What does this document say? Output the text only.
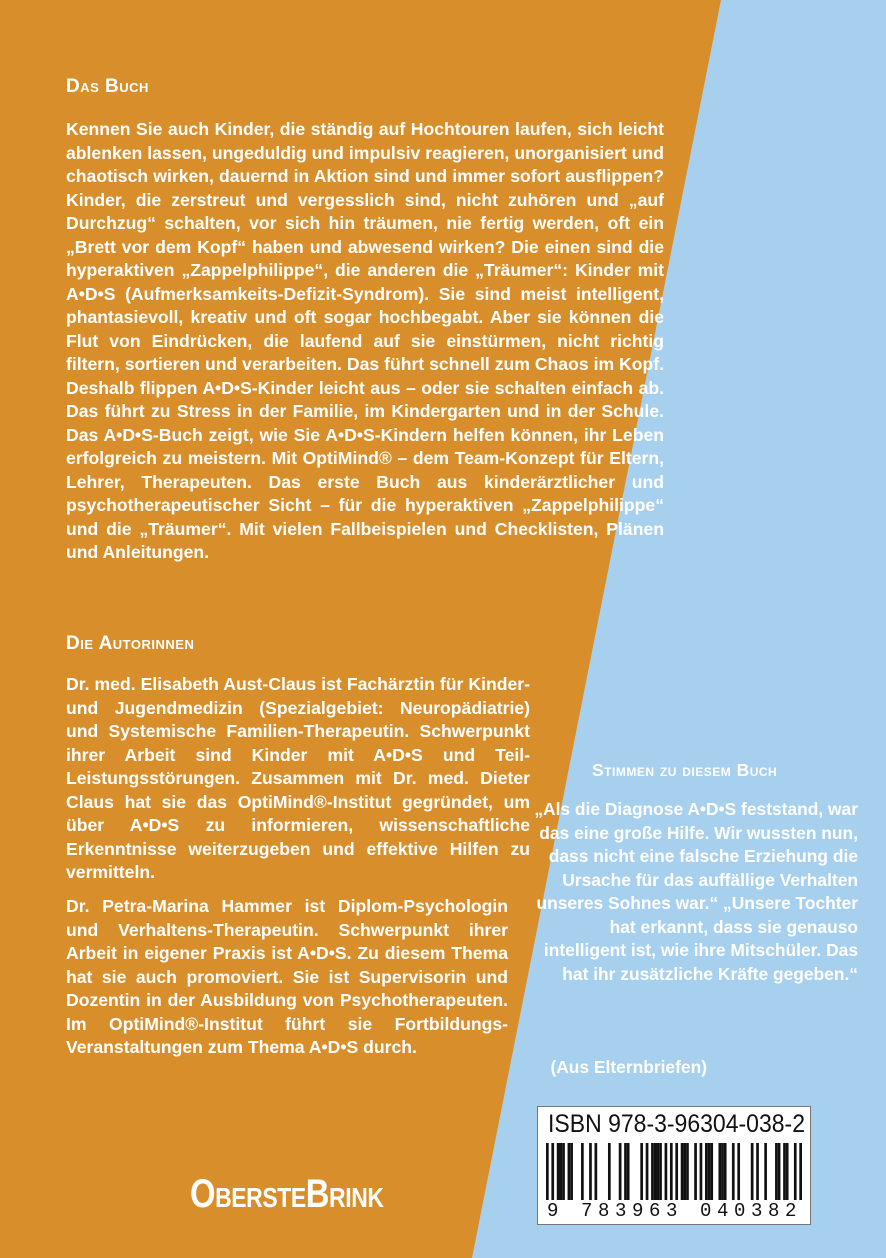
Das Buch

Kennen Sie auch Kinder, die ständig auf Hochtouren laufen, sich leicht ablenken lassen, ungeduldig und impulsiv reagieren, unorganisiert und chaotisch wirken, dauernd in Aktion sind und immer sofort ausflippen? Kinder, die zerstreut und vergesslich sind, nicht zuhören und „auf Durchzug“ schalten, vor sich hin träumen, nie fertig werden, oft ein „Brett vor dem Kopf“ haben und abwesend wirken? Die einen sind die hyperaktiven „Zappelphilippe“, die anderen die „Träumer“: Kinder mit A•D•S (Aufmerksamkeits-Defizit-Syndrom). Sie sind meist intelligent, phantasievoll, kreativ und oft sogar hochbegabt. Aber sie können die Flut von Eindrücken, die laufend auf sie einstürmen, nicht richtig filtern, sortieren und verarbeiten. Das führt schnell zum Chaos im Kopf. Deshalb flippen A•D•S-Kinder leicht aus – oder sie schalten einfach ab. Das führt zu Stress in der Familie, im Kindergarten und in der Schule. Das A•D•S-Buch zeigt, wie Sie A•D•S-Kindern helfen können, ihr Leben erfolgreich zu meistern. Mit OptiMind® – dem Team-Konzept für Eltern, Lehrer, Therapeuten. Das erste Buch aus kinderärztlicher und psychotherapeutischer Sicht – für die hyperaktiven „Zappelphilippe“ und die „Träumer“. Mit vielen Fallbeispielen und Checklisten, Plänen und Anleitungen.

Die Autorinnen

Dr. med. Elisabeth Aust-Claus ist Fachärztin für Kinder- und Jugendmedizin (Spezialgebiet: Neuropädiatrie) und Systemische Familien-Therapeutin. Schwerpunkt ihrer Arbeit sind Kinder mit A•D•S und Teil-Leistungsstörungen. Zusammen mit Dr. med. Dieter Claus hat sie das OptiMind®-Institut gegründet, um über A•D•S zu informieren, wissenschaftliche Erkenntnisse weiterzugeben und effektive Hilfen zu vermitteln.

Dr. Petra-Marina Hammer ist Diplom-Psychologin und Verhaltens-Therapeutin. Schwerpunkt ihrer Arbeit in eigener Praxis ist A•D•S. Zu diesem Thema hat sie auch promoviert. Sie ist Supervisorin und Dozentin in der Ausbildung von Psychotherapeuten. Im OptiMind®-Institut führt sie Fortbildungs-Veranstaltungen zum Thema A•D•S durch.

Stimmen zu diesem Buch

„Als die Diagnose A•D•S feststand, war das eine große Hilfe. Wir wussten nun, dass nicht eine falsche Erziehung die Ursache für das auffällige Verhalten unseres Sohnes war.“ „Unsere Tochter hat erkannt, dass sie genauso intelligent ist, wie ihre Mitschüler. Das hat ihr zusätzliche Kräfte gegeben.“

(Aus Elternbriefen)

ObersteBrink
ISBN 978-3-96304-038-2
9 783963 040382
